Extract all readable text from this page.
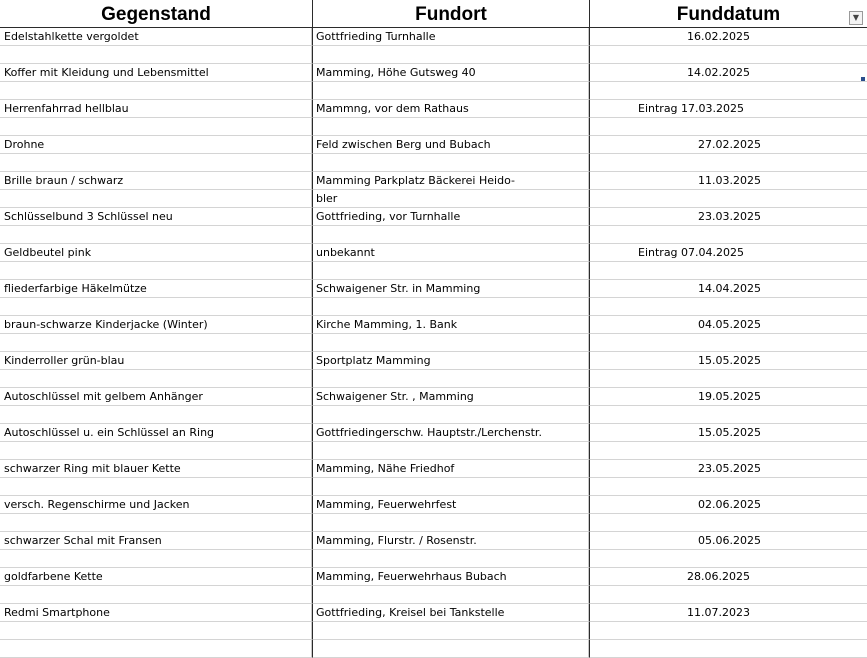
Gegenstand	Fundort	Funddatum	▼
Edelstahlkette vergoldet	Gottfrieding Turnhalle	16.02.2025
Koffer mit Kleidung und Lebensmittel	Mamming, Höhe Gutsweg 40	14.02.2025
Herrenfahrrad hellblau	Mammng, vor dem Rathaus	Eintrag 17.03.2025
Drohne	Feld zwischen Berg und Bubach	27.02.2025
Brille braun / schwarz	Mamming Parkplatz Bäckerei Heido-	11.03.2025
bler
Schlüsselbund 3 Schlüssel neu	Gottfrieding, vor Turnhalle	23.03.2025
Geldbeutel pink	unbekannt	Eintrag 07.04.2025
fliederfarbige Häkelmütze	Schwaigener Str. in Mamming	14.04.2025
braun-schwarze Kinderjacke (Winter)	Kirche Mamming, 1. Bank	04.05.2025
Kinderroller grün-blau	Sportplatz Mamming	15.05.2025
Autoschlüssel mit gelbem Anhänger	Schwaigener Str. , Mamming	19.05.2025
Autoschlüssel u. ein Schlüssel an Ring	Gottfriedingerschw. Hauptstr./Lerchenstr.	15.05.2025
schwarzer Ring mit blauer Kette	Mamming, Nähe Friedhof	23.05.2025
versch. Regenschirme und Jacken	Mamming, Feuerwehrfest	02.06.2025
schwarzer Schal mit Fransen	Mamming, Flurstr. / Rosenstr.	05.06.2025
goldfarbene Kette	Mamming, Feuerwehrhaus Bubach	28.06.2025
Redmi Smartphone	Gottfrieding, Kreisel bei Tankstelle	11.07.2023
